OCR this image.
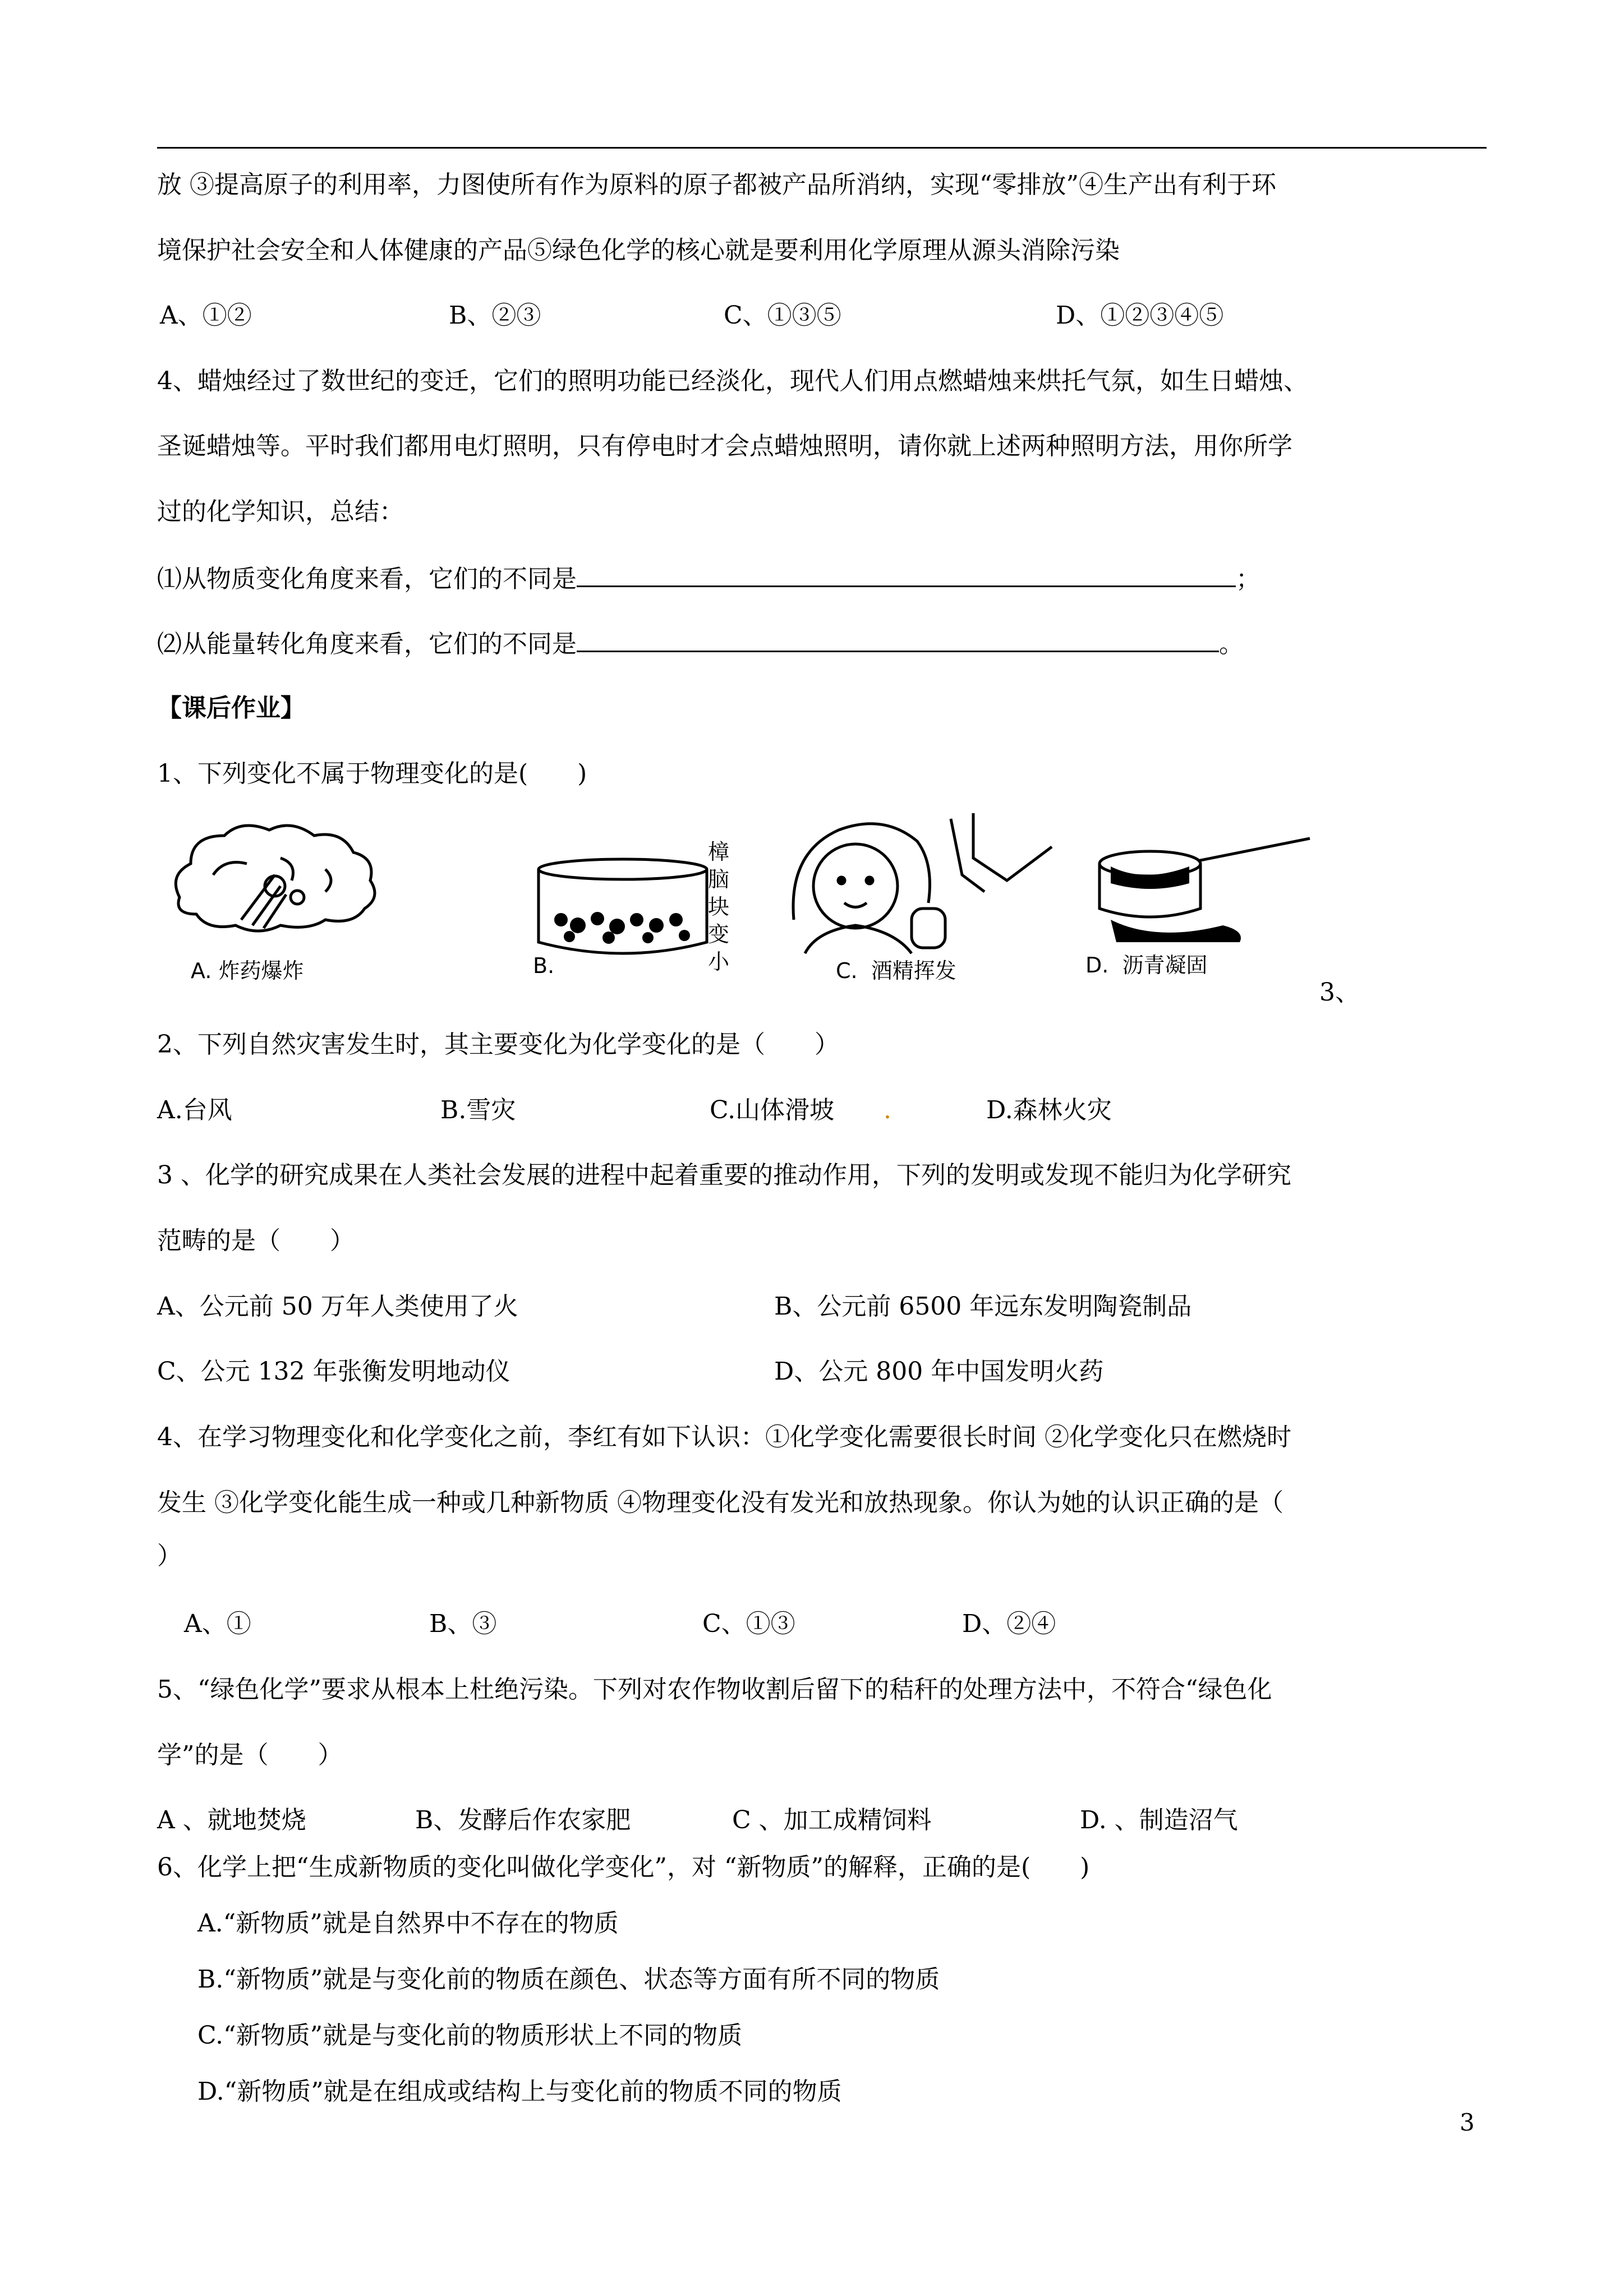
放 ③提高原子的利用率，力图使所有作为原料的原子都被产品所消纳，实现“零排放”④生产出有利于环
境保护社会安全和人体健康的产品⑤绿色化学的核心就是要利用化学原理从源头消除污染
A、①②	B、②③	C、①③⑤	D、①②③④⑤
4、蜡烛经过了数世纪的变迁，它们的照明功能已经淡化，现代人们用点燃蜡烛来烘托气氛，如生日蜡烛、
圣诞蜡烛等。平时我们都用电灯照明，只有停电时才会点蜡烛照明，请你就上述两种照明方法，用你所学
过的化学知识，总结：
⑴从物质变化角度来看，它们的不同是	；
⑵从能量转化角度来看，它们的不同是	。
【课后作业】
1、下列变化不属于物理变化的是(　　)
A. 炸药爆炸
樟脑块变小
B.	C.  酒精挥发	D.  沥青凝固
3、
2、下列自然灾害发生时，其主要变化为化学变化的是（　　）
A.台风	B.雪灾	C.山体滑坡 .	D.森林火灾
3 、化学的研究成果在人类社会发展的进程中起着重要的推动作用，下列的发明或发现不能归为化学研究
范畴的是（　　）
A、公元前 50 万年人类使用了火	B、公元前 6500 年远东发明陶瓷制品
C、公元 132 年张衡发明地动仪	D、公元 800 年中国发明火药
4、在学习物理变化和化学变化之前，李红有如下认识：①化学变化需要很长时间 ②化学变化只在燃烧时
发生 ③化学变化能生成一种或几种新物质 ④物理变化没有发光和放热现象。你认为她的认识正确的是（
）
A、①	B、③	C、①③	D、②④
5、“绿色化学”要求从根本上杜绝污染。下列对农作物收割后留下的秸秆的处理方法中，不符合“绿色化
学”的是（　　）
A 、就地焚烧	B、发酵后作农家肥	C 、加工成精饲料	D. 、制造沼气
6、化学上把“生成新物质的变化叫做化学变化”，对 “新物质”的解释，正确的是(　　)
A.“新物质”就是自然界中不存在的物质
B.“新物质”就是与变化前的物质在颜色、状态等方面有所不同的物质
C.“新物质”就是与变化前的物质形状上不同的物质
D.“新物质”就是在组成或结构上与变化前的物质不同的物质
3
